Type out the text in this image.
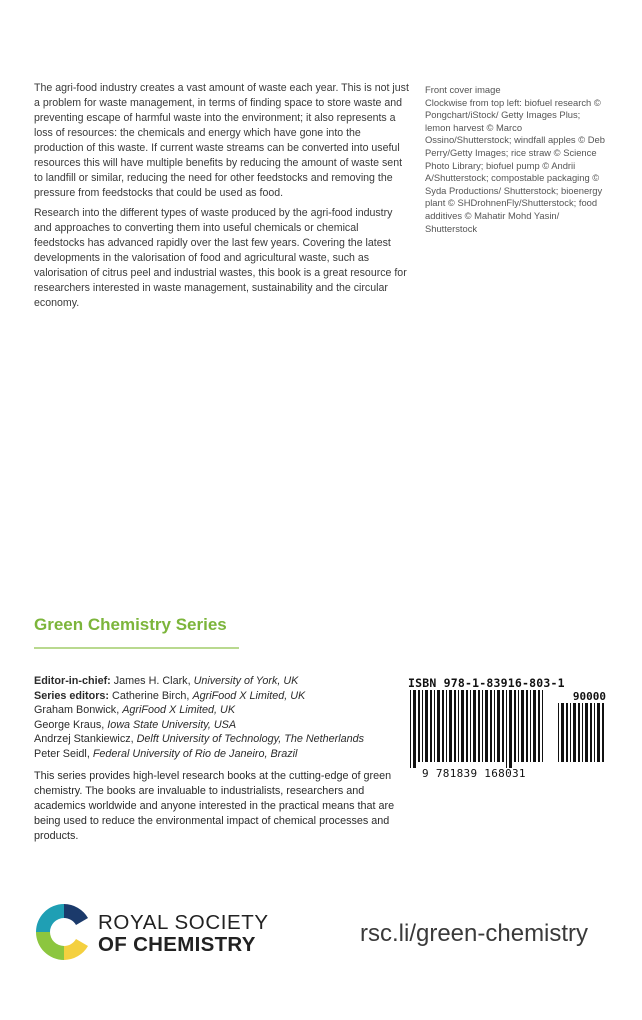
The agri-food industry creates a vast amount of waste each year. This is not just a problem for waste management, in terms of finding space to store waste and preventing escape of harmful waste into the environment; it also represents a loss of resources: the chemicals and energy which have gone into the production of this waste. If current waste streams can be converted into useful resources this will have multiple benefits by reducing the amount of waste sent to landfill or similar, reducing the need for other feedstocks and removing the pressure from feedstocks that could be used as food.

Research into the different types of waste produced by the agri-food industry and approaches to converting them into useful chemicals or chemical feedstocks has advanced rapidly over the last few years. Covering the latest developments in the valorisation of food and agricultural waste, such as valorisation of citrus peel and industrial wastes, this book is a great resource for researchers interested in waste management, sustainability and the circular economy.

Front cover image
Clockwise from top left: biofuel research © Pongchart/iStock/ Getty Images Plus; lemon harvest © Marco Ossino/Shutterstock; windfall apples © Deb Perry/Getty Images; rice straw © Science Photo Library; biofuel pump © Andrii A/Shutterstock; compostable packaging © Syda Productions/ Shutterstock; bioenergy plant © SHDrohnenFly/Shutterstock; food additives © Mahatir Mohd Yasin/ Shutterstock
Green Chemistry Series
Editor-in-chief: James H. Clark, University of York, UK
Series editors: Catherine Birch, AgriFood X Limited, UK
Graham Bonwick, AgriFood X Limited, UK
George Kraus, Iowa State University, USA
Andrzej Stankiewicz, Delft University of Technology, The Netherlands
Peter Seidl, Federal University of Rio de Janeiro, Brazil
This series provides high-level research books at the cutting-edge of green chemistry. The books are invaluable to industrialists, researchers and academics worldwide and anyone interested in the practical means that are being used to reduce the environmental impact of chemical processes and products.
ISBN 978-1-83916-803-1
90000
9 781839 168031
ROYAL SOCIETY
OF CHEMISTRY	rsc.li/green-chemistry
